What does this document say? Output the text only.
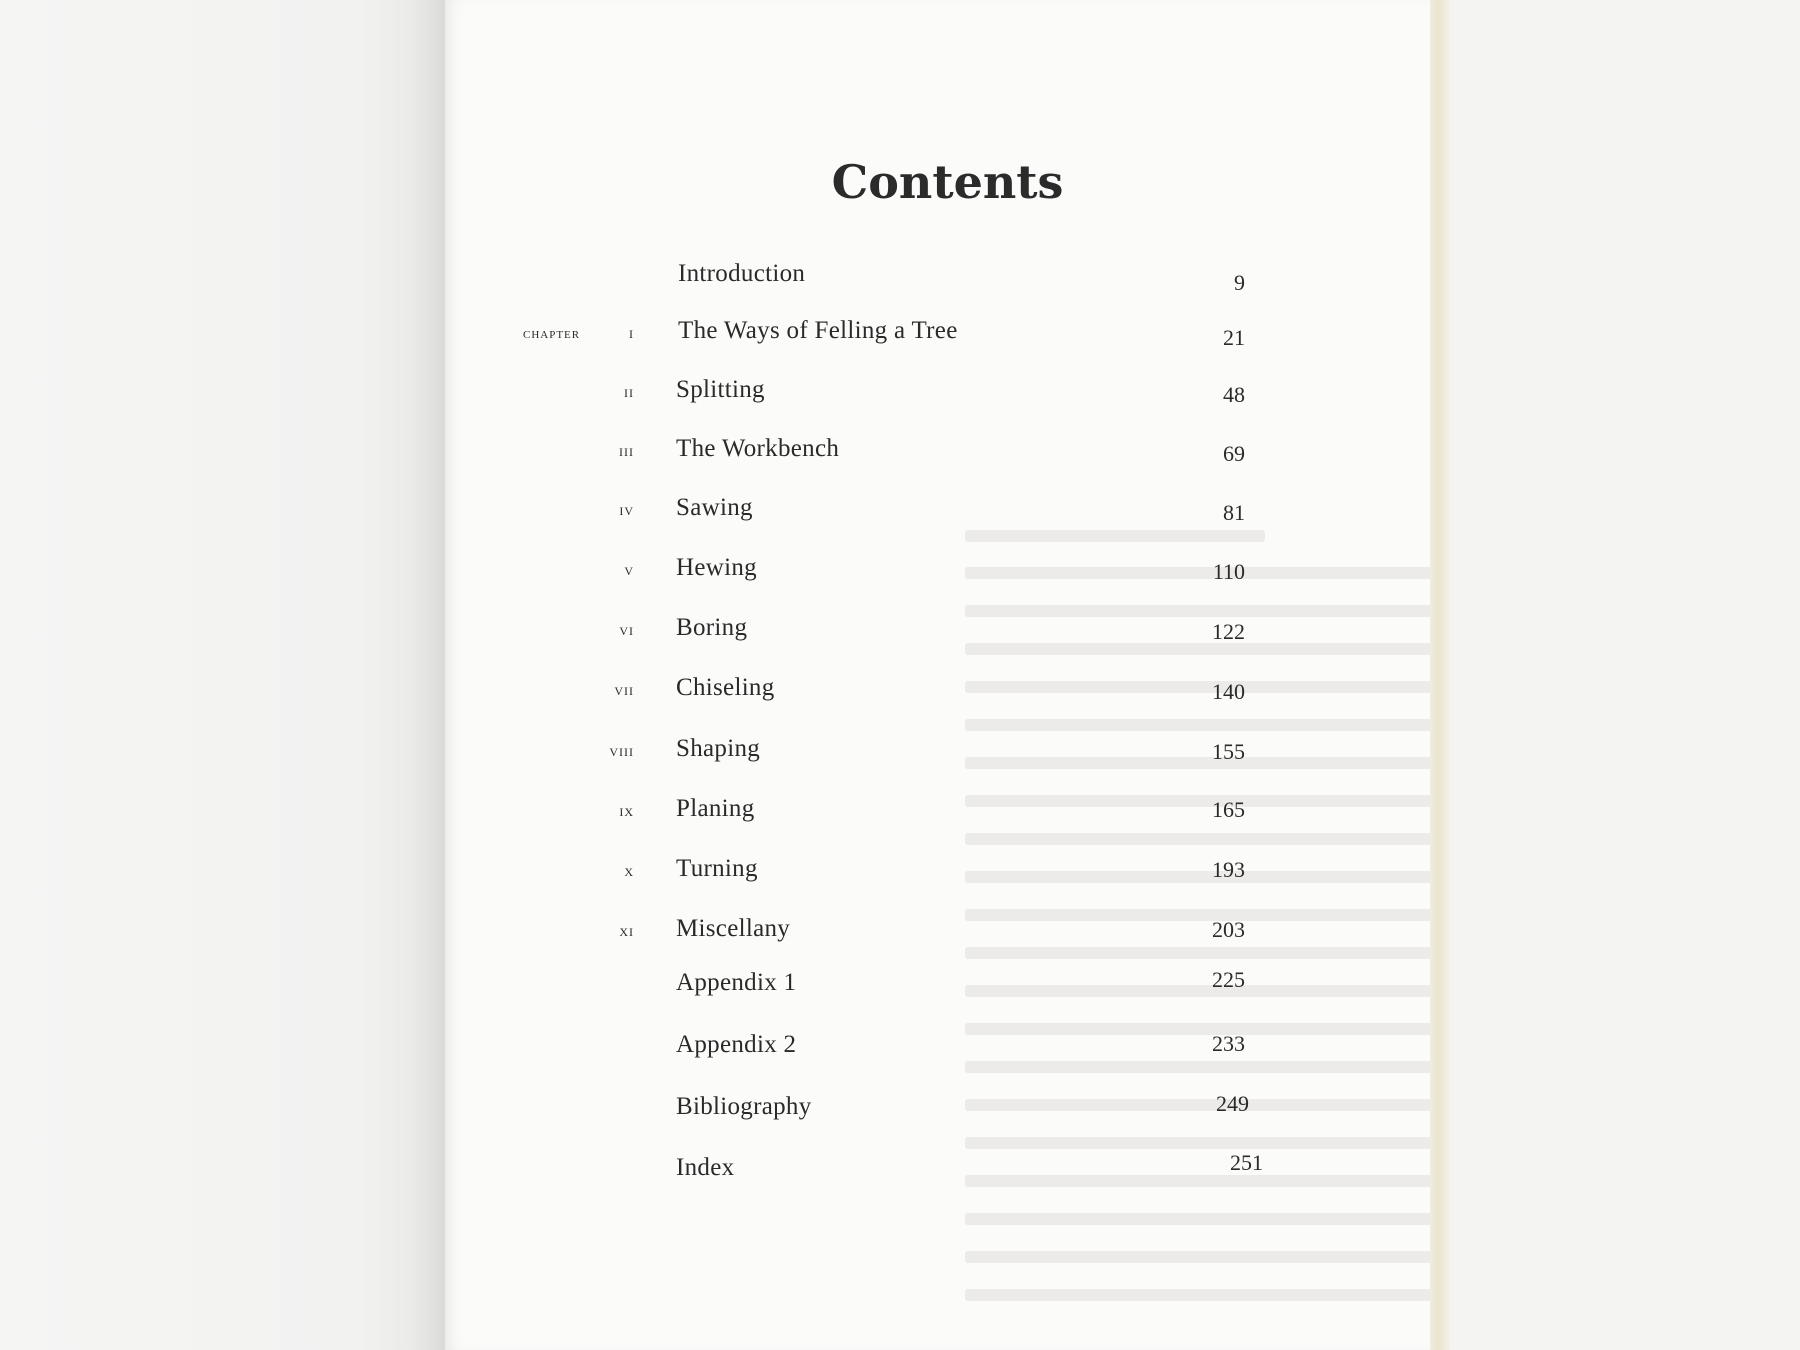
Contents
Introduction	9
chapter	i The Ways of Felling a Tree	21
ii Splitting	48
iii The Workbench	69
iv Sawing	81
v Hewing	110
vi Boring	122
vii Chiseling	140
viii Shaping	155
ix Planing	165
x Turning	193
xi Miscellany	203
Appendix 1	225
Appendix 2	233
Bibliography	249
Index	251
